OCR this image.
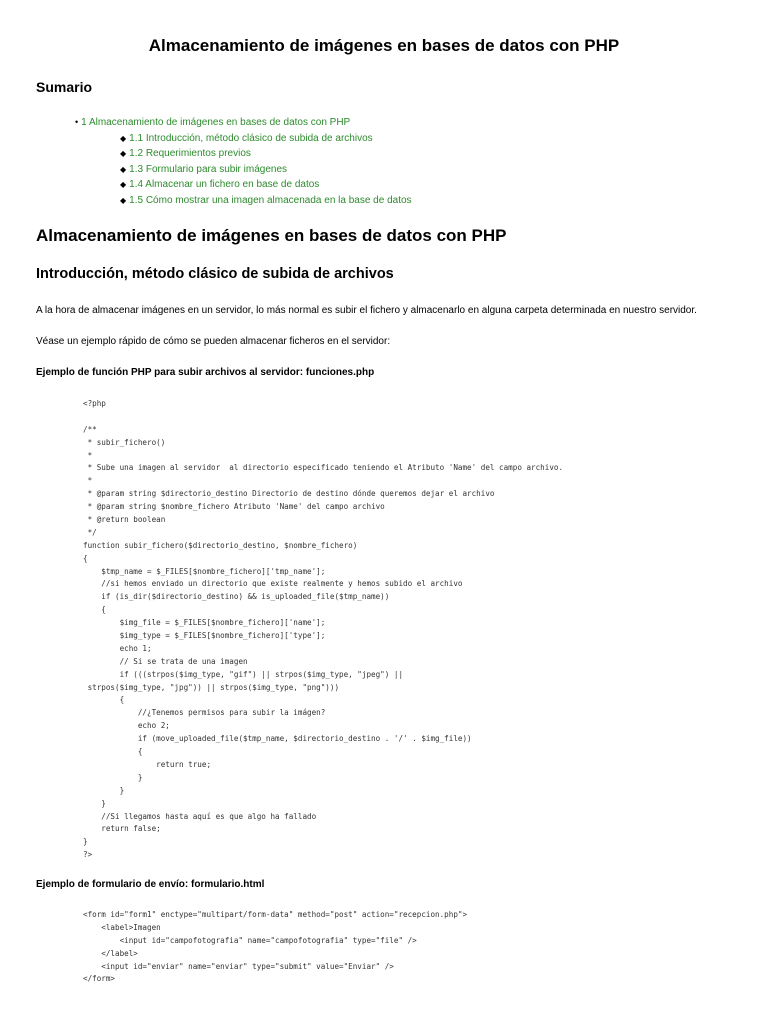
Almacenamiento de imágenes en bases de datos con PHP
Sumario
• 1 Almacenamiento de imágenes en bases de datos con PHP
◆ 1.1 Introducción, método clásico de subida de archivos
◆ 1.2 Requerimientos previos
◆ 1.3 Formulario para subir imágenes
◆ 1.4 Almacenar un fichero en base de datos
◆ 1.5 Cómo mostrar una imagen almacenada en la base de datos
Almacenamiento de imágenes en bases de datos con PHP
Introducción, método clásico de subida de archivos

A la hora de almacenar imágenes en un servidor, lo más normal es subir el fichero y almacenarlo en alguna carpeta determinada en nuestro servidor.

Véase un ejemplo rápido de cómo se pueden almacenar ficheros en el servidor:

Ejemplo de función PHP para subir archivos al servidor: funciones.php

<?php
/**
* subir_fichero()
*
* Sube una imagen al servidor  al directorio especificado teniendo el Atributo 'Name' del campo archivo.
*
* @param string $directorio_destino Directorio de destino dónde queremos dejar el archivo
* @param string $nombre_fichero Atributo 'Name' del campo archivo
* @return boolean
*/
function subir_fichero($directorio_destino, $nombre_fichero)
{
$tmp_name = $_FILES[$nombre_fichero]['tmp_name'];
//si hemos enviado un directorio que existe realmente y hemos subido el archivo
if (is_dir($directorio_destino) && is_uploaded_file($tmp_name))
{
$img_file = $_FILES[$nombre_fichero]['name'];
$img_type = $_FILES[$nombre_fichero]['type'];
echo 1;
// Si se trata de una imagen
if (((strpos($img_type, "gif") || strpos($img_type, "jpeg") ||
strpos($img_type, "jpg")) || strpos($img_type, "png")))
{
//¿Tenemos permisos para subir la imágen?
echo 2;
if (move_uploaded_file($tmp_name, $directorio_destino . '/' . $img_file))
{
return true;
}
}
}
//Si llegamos hasta aquí es que algo ha fallado
return false;
}
?>

Ejemplo de formulario de envío: formulario.html

<form id="form1" enctype="multipart/form-data" method="post" action="recepcion.php">
<label>Imagen
<input id="campofotografia" name="campofotografia" type="file" />
</label>
<input id="enviar" name="enviar" type="submit" value="Enviar" />
</form>
